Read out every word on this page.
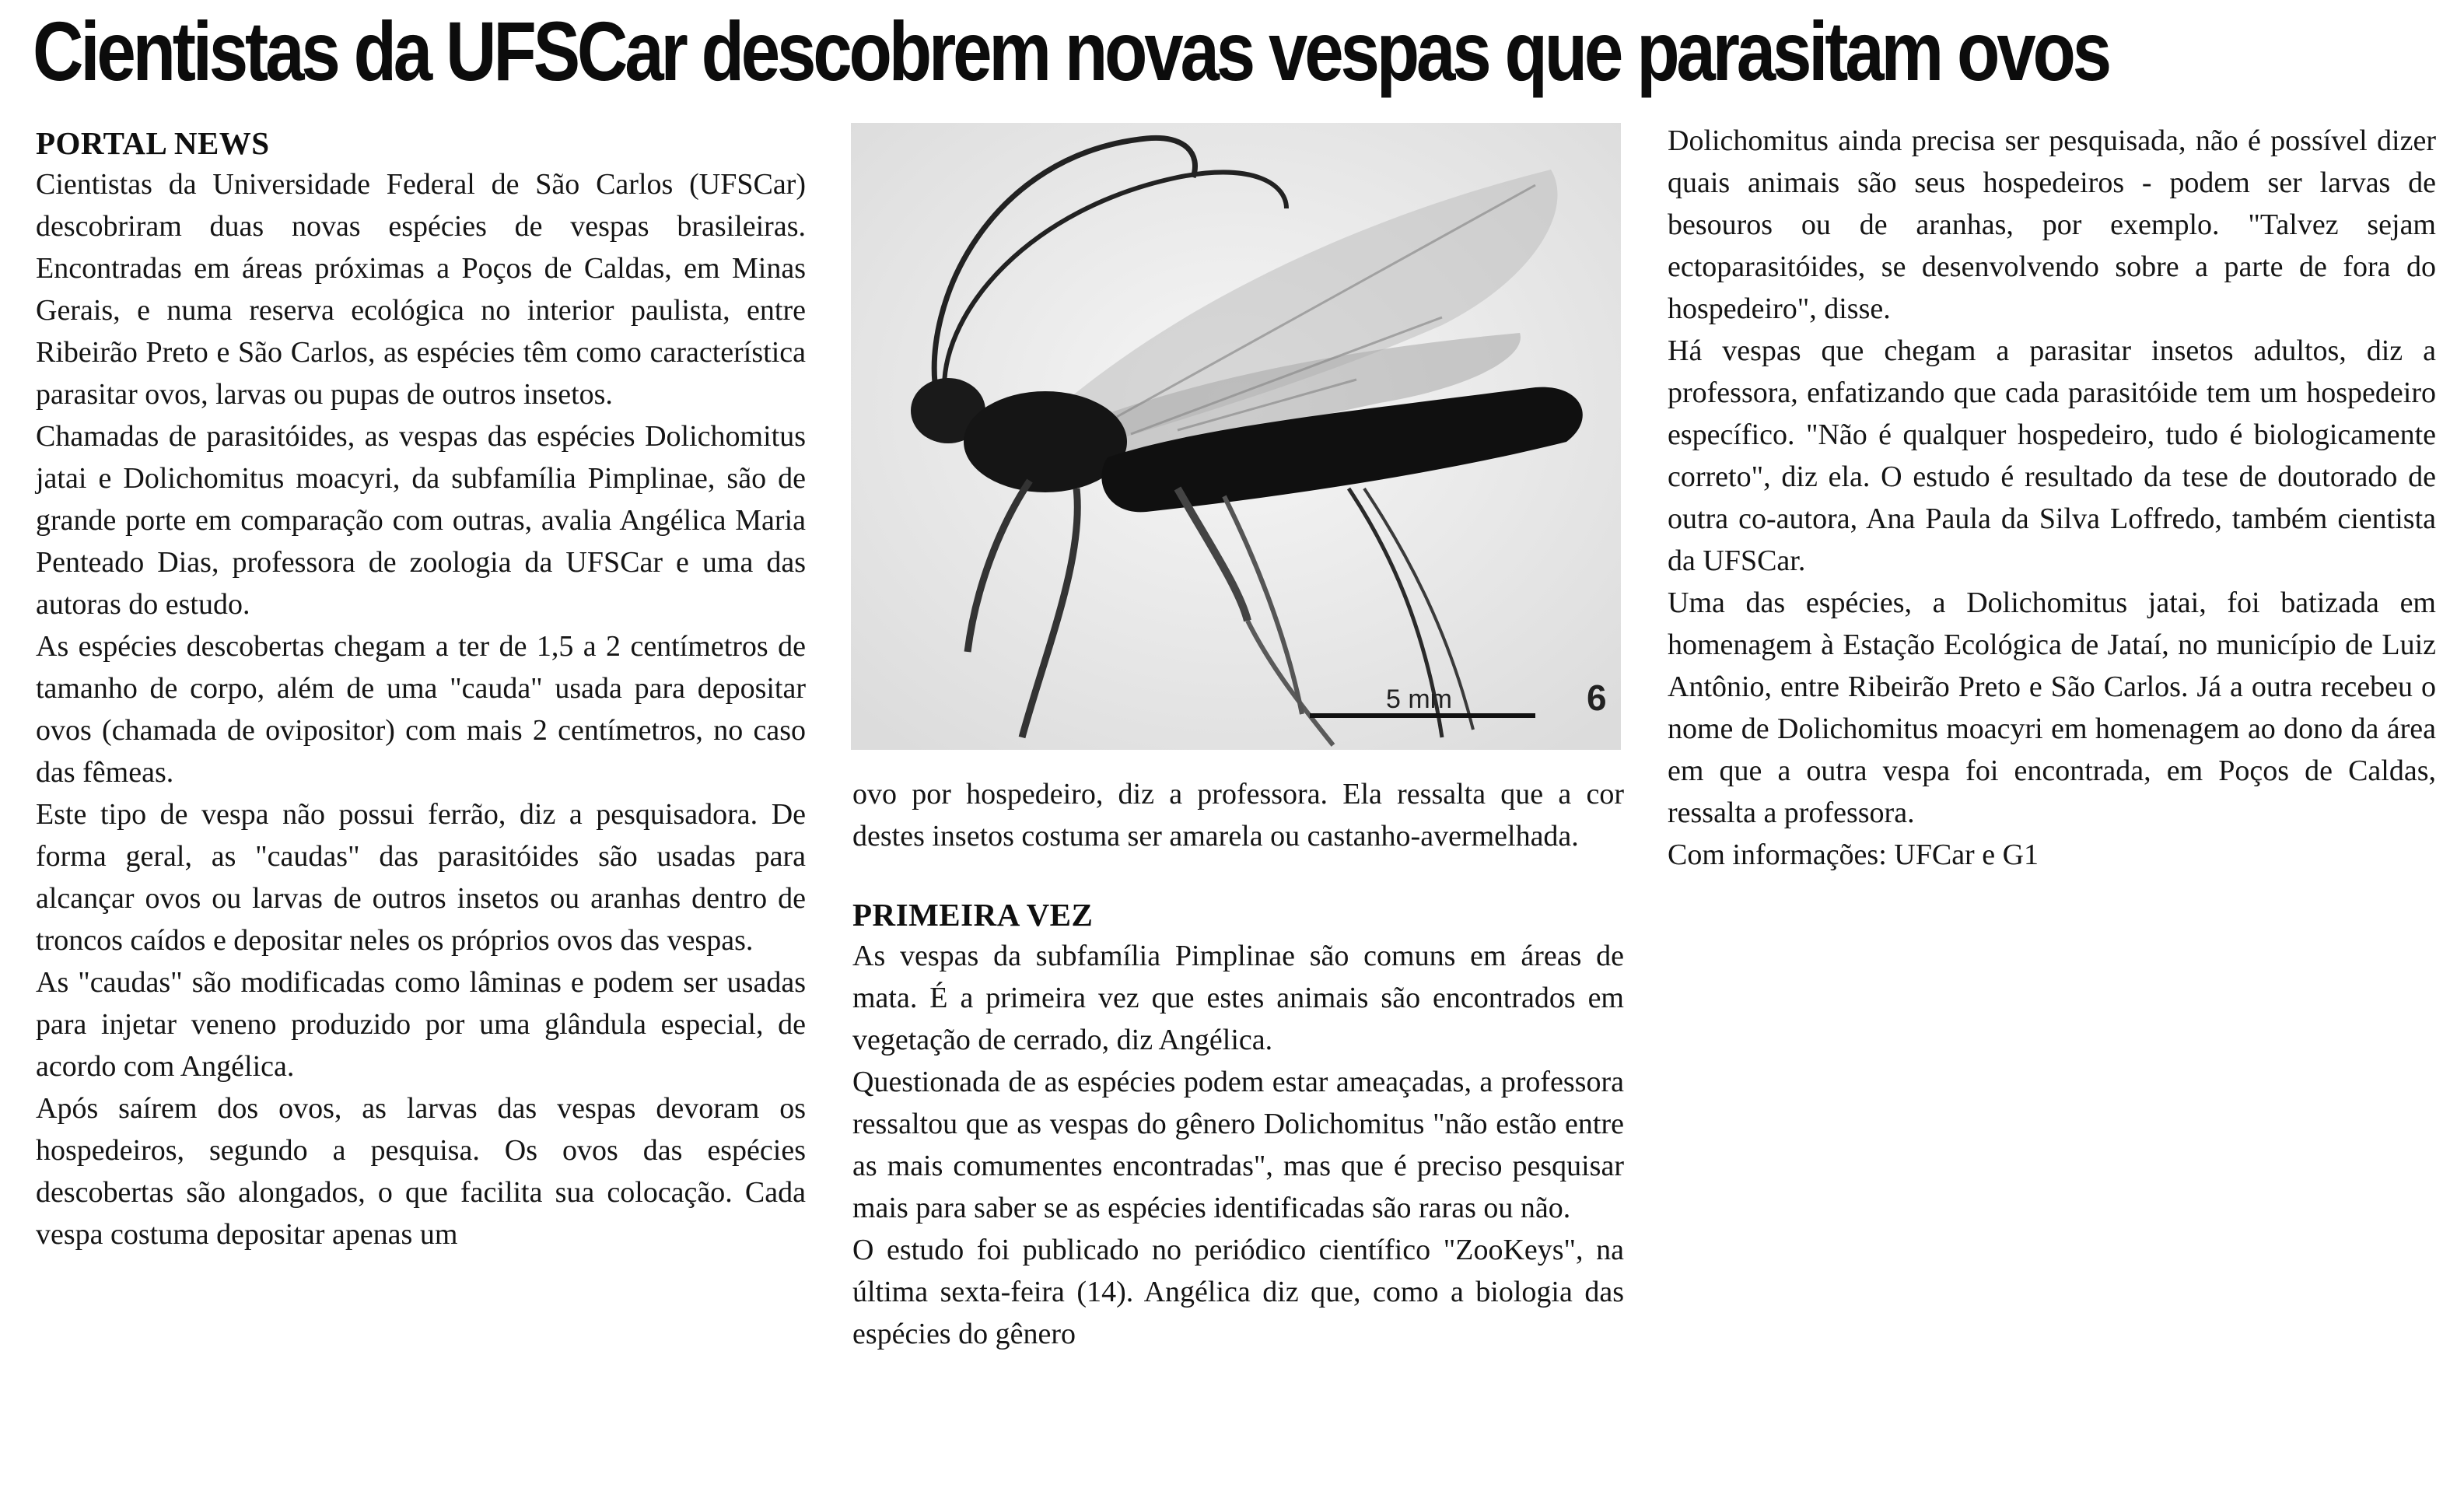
Cientistas da UFSCar descobrem novas vespas que parasitam ovos

PORTAL NEWS

Cientistas da Universidade Federal de São Carlos (UFSCar) descobriram duas novas espécies de vespas brasileiras. Encontradas em áreas próximas a Poços de Caldas, em Minas Gerais, e numa reserva ecológica no interior paulista, entre Ribeirão Preto e São Carlos, as espécies têm como característica parasitar ovos, larvas ou pupas de outros insetos.

Chamadas de parasitóides, as vespas das espécies Dolichomitus jatai e Dolichomitus moacyri, da subfamília Pimplinae, são de grande porte em comparação com outras, avalia Angélica Maria Penteado Dias, professora de zoologia da UFSCar e uma das autoras do estudo.

As espécies descobertas chegam a ter de 1,5 a 2 centímetros de tamanho de corpo, além de uma "cauda" usada para depositar ovos (chamada de ovipositor) com mais 2 centímetros, no caso das fêmeas.

Este tipo de vespa não possui ferrão, diz a pesquisadora. De forma geral, as "caudas" das parasitóides são usadas para alcançar ovos ou larvas de outros insetos ou aranhas dentro de troncos caídos e depositar neles os próprios ovos das vespas.

As "caudas" são modificadas como lâminas e podem ser usadas para injetar veneno produzido por uma glândula especial, de acordo com Angélica.

Após saírem dos ovos, as larvas das vespas devoram os hospedeiros, segundo a pesquisa. Os ovos das espécies descobertas são alongados, o que facilita sua colocação. Cada vespa costuma depositar apenas um

5 mm	6

ovo por hospedeiro, diz a professora. Ela ressalta que a cor destes insetos costuma ser amarela ou castanho-avermelhada.

PRIMEIRA VEZ

As vespas da subfamília Pimplinae são comuns em áreas de mata. É a primeira vez que estes animais são encontrados em vegetação de cerrado, diz Angélica.

Questionada de as espécies podem estar ameaçadas, a professora ressaltou que as vespas do gênero Dolichomitus "não estão entre as mais comumentes encontradas", mas que é preciso pesquisar mais para saber se as espécies identificadas são raras ou não.

O estudo foi publicado no periódico científico "ZooKeys", na última sexta-feira (14). Angélica diz que, como a biologia das espécies do gênero

Dolichomitus ainda precisa ser pesquisada, não é possível dizer quais animais são seus hospedeiros - podem ser larvas de besouros ou de aranhas, por exemplo. "Talvez sejam ectoparasitóides, se desenvolvendo sobre a parte de fora do hospedeiro", disse.

Há vespas que chegam a parasitar insetos adultos, diz a professora, enfatizando que cada parasitóide tem um hospedeiro específico. "Não é qualquer hospedeiro, tudo é biologicamente correto", diz ela. O estudo é resultado da tese de doutorado de outra co-autora, Ana Paula da Silva Loffredo, também cientista da UFSCar.

Uma das espécies, a Dolichomitus jatai, foi batizada em homenagem à Estação Ecológica de Jataí, no município de Luiz Antônio, entre Ribeirão Preto e São Carlos. Já a outra recebeu o nome de Dolichomitus moacyri em homenagem ao dono da área em que a outra vespa foi encontrada, em Poços de Caldas, ressalta a professora.

Com informações: UFCar e G1
